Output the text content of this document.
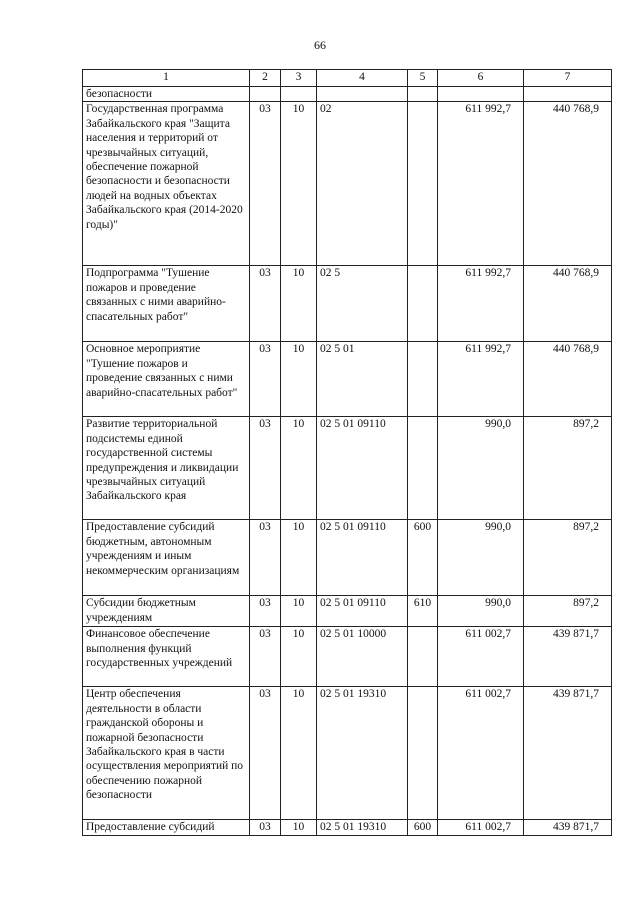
66
1	2	3	4	5	6	7
безопасности						
Государственная программа Забайкальского края "Защита населения и территорий от чрезвычайных ситуаций, обеспечение пожарной безопасности и безопасности людей на водных объектах Забайкальского края (2014-2020 годы)"	03	10	02		611 992,7	440 768,9
Подпрограмма "Тушение пожаров и проведение связанных с ними аварийно-спасательных работ"	03	10	02 5		611 992,7	440 768,9
Основное мероприятие "Тушение пожаров и проведение связанных с ними аварийно-спасательных работ"	03	10	02 5 01		611 992,7	440 768,9
Развитие территориальной подсистемы единой государственной системы предупреждения и ликвидации чрезвычайных ситуаций Забайкальского края	03	10	02 5 01 09110		990,0	897,2
Предоставление субсидий бюджетным, автономным учреждениям и иным некоммерческим организациям	03	10	02 5 01 09110	600	990,0	897,2
Субсидии бюджетным учреждениям	03	10	02 5 01 09110	610	990,0	897,2
Финансовое обеспечение выполнения функций государственных учреждений	03	10	02 5 01 10000		611 002,7	439 871,7
Центр обеспечения деятельности в области гражданской обороны и пожарной безопасности Забайкальского края в части осуществления мероприятий по обеспечению пожарной безопасности	03	10	02 5 01 19310		611 002,7	439 871,7
Предоставление субсидий	03	10	02 5 01 19310	600	611 002,7	439 871,7
